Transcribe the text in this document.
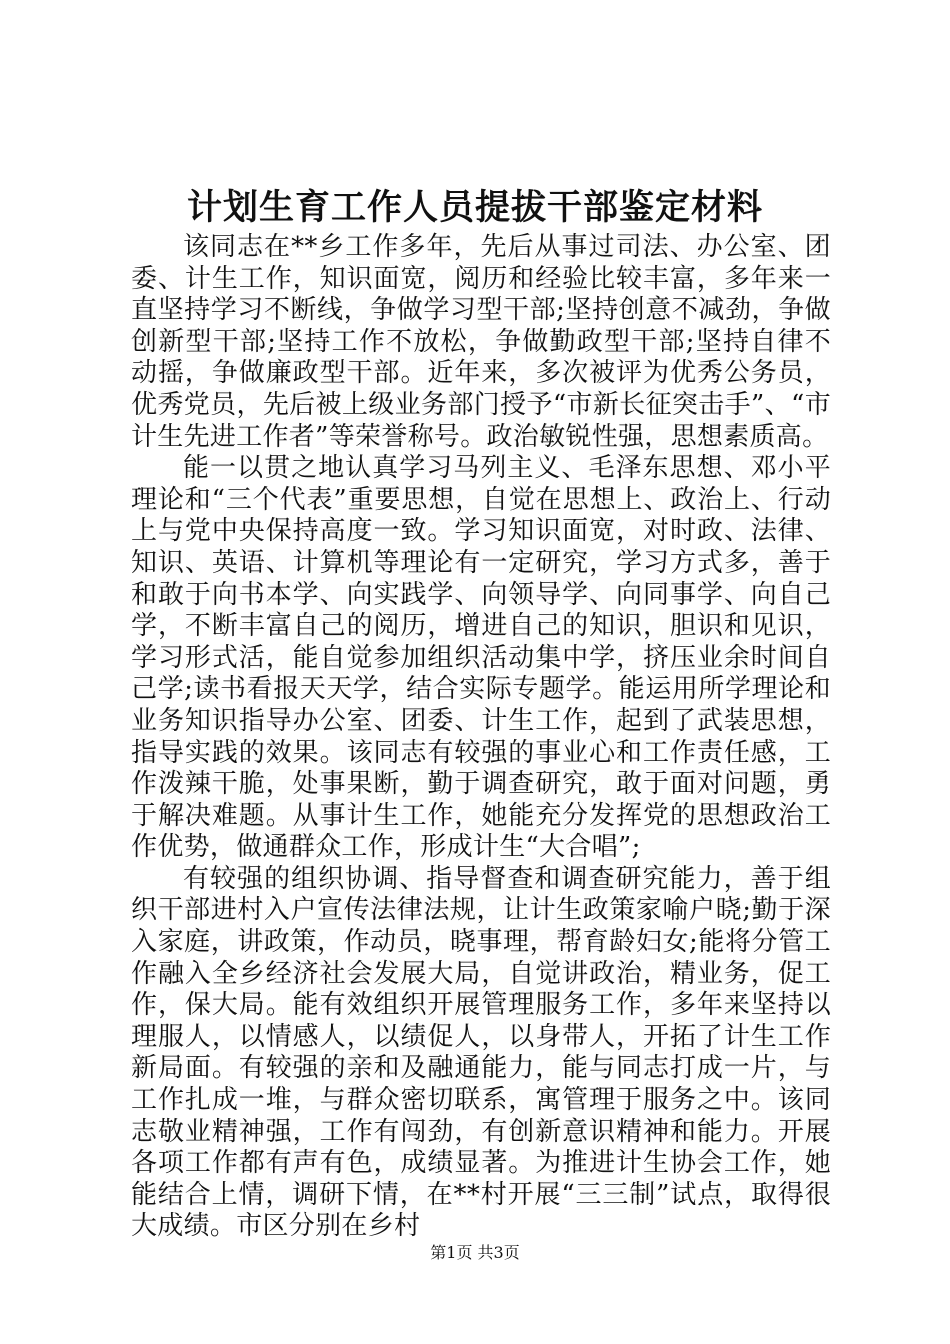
计划生育工作人员提拔干部鉴定材料

该同志在**乡工作多年，先后从事过司法、办公室、团委、计生工作，知识面宽，阅历和经验比较丰富，多年来一直坚持学习不断线，争做学习型干部;坚持创意不减劲，争做创新型干部;坚持工作不放松，争做勤政型干部;坚持自律不动摇，争做廉政型干部。近年来，多次被评为优秀公务员，优秀党员，先后被上级业务部门授予“市新长征突击手”、“市计生先进工作者”等荣誉称号。政治敏锐性强，思想素质高。

能一以贯之地认真学习马列主义、毛泽东思想、邓小平理论和“三个代表”重要思想，自觉在思想上、政治上、行动上与党中央保持高度一致。学习知识面宽，对时政、法律、知识、英语、计算机等理论有一定研究，学习方式多，善于和敢于向书本学、向实践学、向领导学、向同事学、向自己学，不断丰富自己的阅历，增进自己的知识，胆识和见识，学习形式活，能自觉参加组织活动集中学，挤压业余时间自己学;读书看报天天学，结合实际专题学。能运用所学理论和业务知识指导办公室、团委、计生工作，起到了武装思想，指导实践的效果。该同志有较强的事业心和工作责任感，工作泼辣干脆，处事果断，勤于调查研究，敢于面对问题，勇于解决难题。从事计生工作，她能充分发挥党的思想政治工作优势，做通群众工作，形成计生“大合唱”;

有较强的组织协调、指导督查和调查研究能力，善于组织干部进村入户宣传法律法规，让计生政策家喻户晓;勤于深入家庭，讲政策，作动员，晓事理，帮育龄妇女;能将分管工作融入全乡经济社会发展大局，自觉讲政治，精业务，促工作，保大局。能有效组织开展管理服务工作，多年来坚持以理服人，以情感人，以绩促人，以身带人，开拓了计生工作新局面。有较强的亲和及融通能力，能与同志打成一片，与工作扎成一堆，与群众密切联系，寓管理于服务之中。该同志敬业精神强，工作有闯劲，有创新意识精神和能力。开展各项工作都有声有色，成绩显著。为推进计生协会工作，她能结合上情，调研下情，在**村开展“三三制”试点，取得很大成绩。市区分别在乡村

第1页 共3页
